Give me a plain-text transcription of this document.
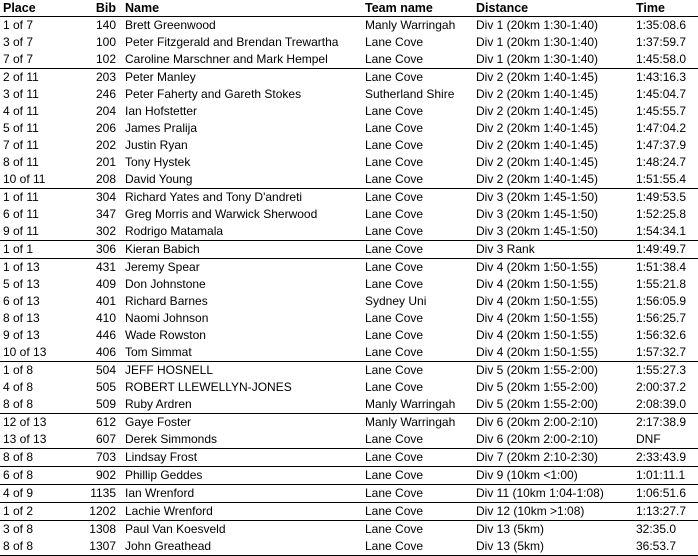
Place	Bib	Name	Team name	Distance	Time
1 of 7	140	Brett Greenwood	Manly Warringah	Div 1 (20km 1:30-1:40)	1:35:08.6
3 of 7	100	Peter Fitzgerald and Brendan Trewartha	Lane Cove	Div 1 (20km 1:30-1:40)	1:37:59.7
7 of 7	102	Caroline Marschner and Mark Hempel	Lane Cove	Div 1 (20km 1:30-1:40)	1:45:58.0
2 of 11	203	Peter Manley	Lane Cove	Div 2 (20km 1:40-1:45)	1:43:16.3
3 of 11	246	Peter Faherty and Gareth Stokes	Sutherland Shire	Div 2 (20km 1:40-1:45)	1:45:04.7
4 of 11	204	Ian Hofstetter	Lane Cove	Div 2 (20km 1:40-1:45)	1:45:55.7
5 of 11	206	James Pralija	Lane Cove	Div 2 (20km 1:40-1:45)	1:47:04.2
7 of 11	202	Justin Ryan	Lane Cove	Div 2 (20km 1:40-1:45)	1:47:37.9
8 of 11	201	Tony Hystek	Lane Cove	Div 2 (20km 1:40-1:45)	1:48:24.7
10 of 11	208	David Young	Lane Cove	Div 2 (20km 1:40-1:45)	1:51:55.4
1 of 11	304	Richard Yates and Tony D'andreti	Lane Cove	Div 3 (20km 1:45-1:50)	1:49:53.5
6 of 11	347	Greg Morris and Warwick Sherwood	Lane Cove	Div 3 (20km 1:45-1:50)	1:52:25.8
9 of 11	302	Rodrigo Matamala	Lane Cove	Div 3 (20km 1:45-1:50)	1:54:34.1
1 of 1	306	Kieran Babich	Lane Cove	Div 3 Rank	1:49:49.7
1 of 13	431	Jeremy Spear	Lane Cove	Div 4 (20km 1:50-1:55)	1:51:38.4
5 of 13	409	Don Johnstone	Lane Cove	Div 4 (20km 1:50-1:55)	1:55:21.8
6 of 13	401	Richard Barnes	Sydney Uni	Div 4 (20km 1:50-1:55)	1:56:05.9
8 of 13	410	Naomi Johnson	Lane Cove	Div 4 (20km 1:50-1:55)	1:56:25.7
9 of 13	446	Wade Rowston	Lane Cove	Div 4 (20km 1:50-1:55)	1:56:32.6
10 of 13	406	Tom Simmat	Lane Cove	Div 4 (20km 1:50-1:55)	1:57:32.7
1 of 8	504	JEFF HOSNELL	Lane Cove	Div 5 (20km 1:55-2:00)	1:55:27.3
4 of 8	505	ROBERT LLEWELLYN-JONES	Lane Cove	Div 5 (20km 1:55-2:00)	2:00:37.2
8 of 8	509	Ruby Ardren	Manly Warringah	Div 5 (20km 1:55-2:00)	2:08:39.0
12 of 13	612	Gaye Foster	Manly Warringah	Div 6 (20km 2:00-2:10)	2:17:38.9
13 of 13	607	Derek Simmonds	Lane Cove	Div 6 (20km 2:00-2:10)	DNF
8 of 8	703	Lindsay Frost	Lane Cove	Div 7 (20km 2:10-2:30)	2:33:43.9
6 of 8	902	Phillip Geddes	Lane Cove	Div 9 (10km <1:00)	1:01:11.1
4 of 9	1135	Ian Wrenford	Lane Cove	Div 11 (10km 1:04-1:08)	1:06:51.6
1 of 2	1202	Lachie Wrenford	Lane Cove	Div 12 (10km >1:08)	1:13:27.7
3 of 8	1308	Paul Van Koesveld	Lane Cove	Div 13 (5km)	32:35.0
8 of 8	1307	John Greathead	Lane Cove	Div 13 (5km)	36:53.7
